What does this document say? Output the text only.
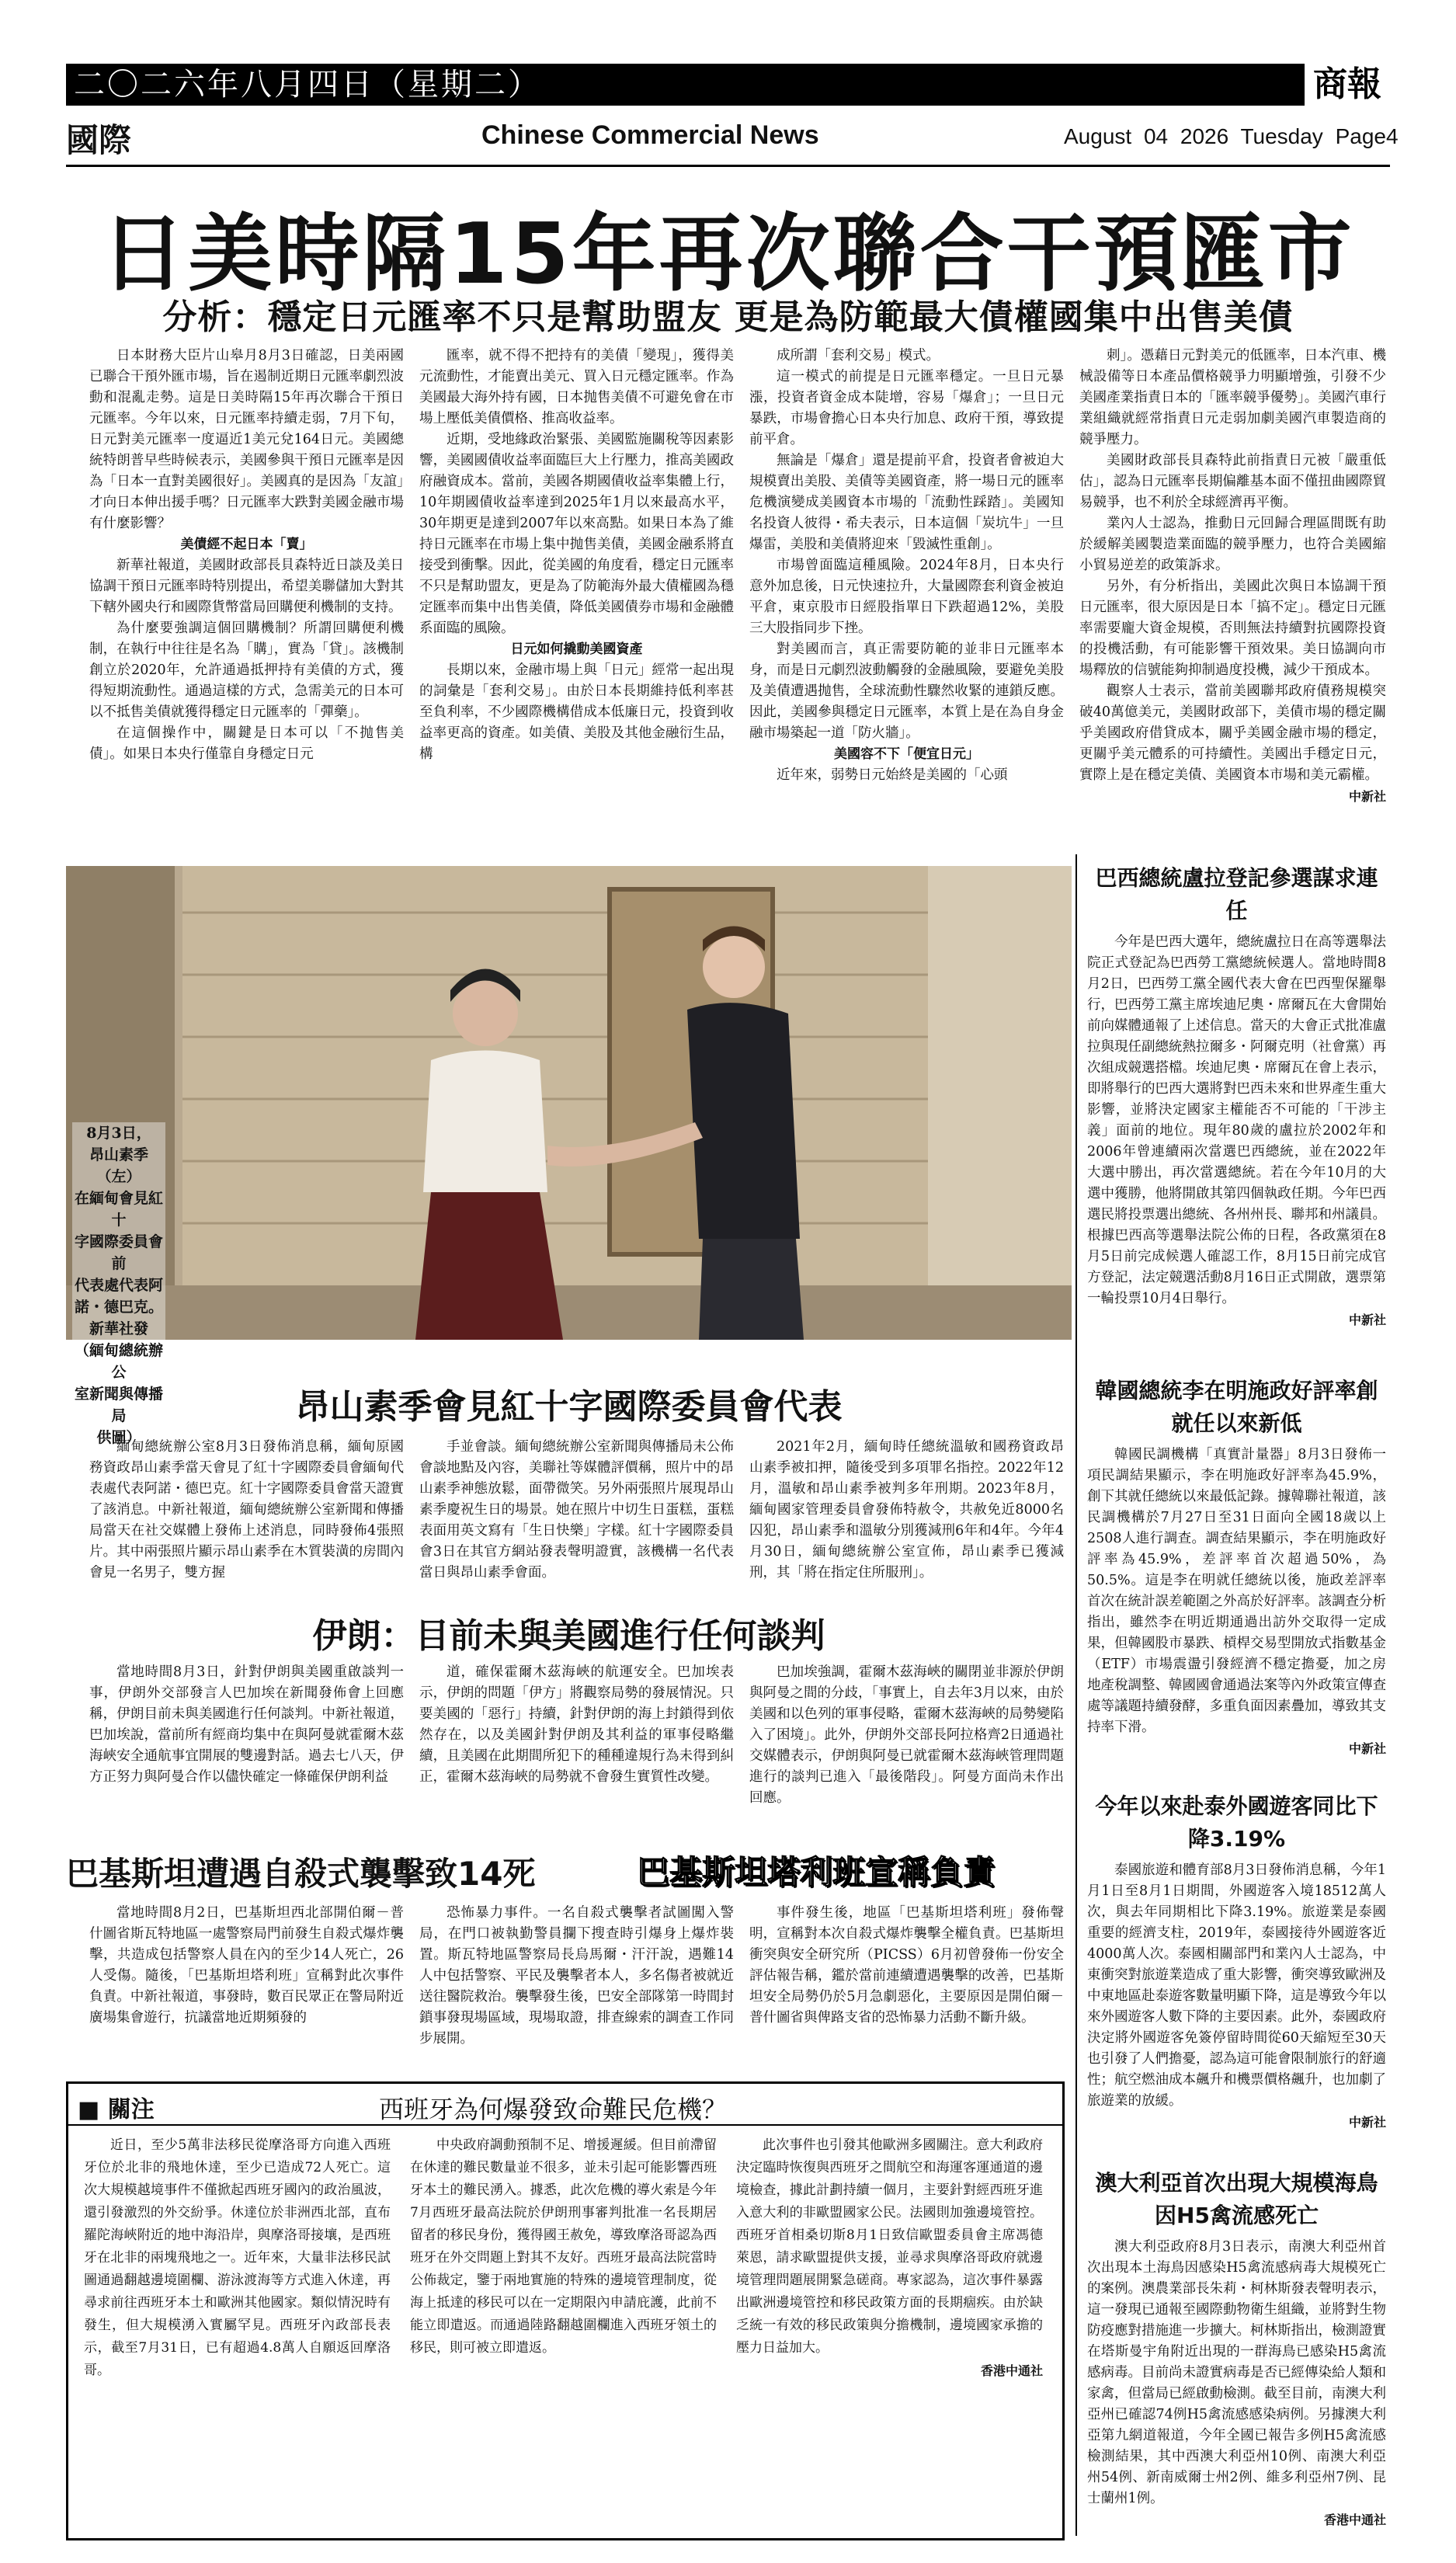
二〇二六年八月四日（星期二）	商報
國際	Chinese Commercial News	August 04 2026 Tuesday Page4
日美時隔15年再次聯合干預匯市
分析：穩定日元匯率不只是幫助盟友 更是為防範最大債權國集中出售美債

日本財務大臣片山皋月8月3日確認，日美兩國已聯合干預外匯市場，旨在遏制近期日元匯率劇烈波動和混亂走勢。這是日美時隔15年再次聯合干預日元匯率。今年以來，日元匯率持續走弱，7月下旬，日元對美元匯率一度逼近1美元兌164日元。美國總統特朗普早些時候表示，美國參與干預日元匯率是因為「日本一直對美國很好」。美國真的是因為「友誼」才向日本伸出援手嗎？日元匯率大跌對美國金融市場有什麼影響？

美債經不起日本「賣」

新華社報道，美國財政部長貝森特近日談及美日協調干預日元匯率時特別提出，希望美聯儲加大對其下轄外國央行和國際貨幣當局回購便利機制的支持。

為什麼要強調這個回購機制？所謂回購便利機制，在執行中往往是名為「購」，實為「貸」。該機制創立於2020年，允許通過抵押持有美債的方式，獲得短期流動性。通過這樣的方式，急需美元的日本可以不抵售美債就獲得穩定日元匯率的「彈藥」。

在這個操作中，關鍵是日本可以「不抛售美債」。如果日本央行僅靠自身穩定日元

匯率，就不得不把持有的美債「變現」，獲得美元流動性，才能賣出美元、買入日元穩定匯率。作為美國最大海外持有國，日本抛售美債不可避免會在市場上壓低美債價格、推高收益率。

近期，受地緣政治緊張、美國監施關稅等因素影響，美國國債收益率面臨巨大上行壓力，推高美國政府融資成本。當前，美國各期國債收益率集體上行，10年期國債收益率達到2025年1月以來最高水平，30年期更是達到2007年以來高點。如果日本為了維持日元匯率在市場上集中抛售美債，美國金融系將直接受到衝擊。因此，從美國的角度看，穩定日元匯率不只是幫助盟友，更是為了防範海外最大債權國為穩定匯率而集中出售美債，降低美國債券市場和金融體系面臨的風險。

日元如何撬動美國資產

長期以來，金融市場上與「日元」經常一起出現的詞彙是「套利交易」。由於日本長期維持低利率甚至負利率，不少國際機構借成本低廉日元，投資到收益率更高的資產。如美債、美股及其他金融衍生品，構

成所謂「套利交易」模式。

這一模式的前提是日元匯率穩定。一旦日元暴漲，投資者資金成本陡增，容易「爆倉」；一旦日元暴跌，市場會擔心日本央行加息、政府干預，導致提前平倉。

無論是「爆倉」還是提前平倉，投資者會被迫大規模賣出美股、美債等美國資產，將一場日元的匯率危機演變成美國資本市場的「流動性踩踏」。美國知名投資人彼得・希夫表示，日本這個「炭坑牛」一旦爆雷，美股和美債將迎來「毀滅性重創」。

市場曾面臨這種風險。2024年8月，日本央行意外加息後，日元快速拉升，大量國際套利資金被迫平倉，東京股市日經股指單日下跌超過12%，美股三大股指同步下挫。

對美國而言，真正需要防範的並非日元匯率本身，而是日元劇烈波動觸發的金融風險，要避免美股及美債遭遇抛售，全球流動性驟然收緊的連鎖反應。因此，美國參與穩定日元匯率，本質上是在為自身金融市場築起一道「防火牆」。

美國容不下「便宜日元」

近年來，弱勢日元始終是美國的「心頭

刺」。憑藉日元對美元的低匯率，日本汽車、機械設備等日本產品價格競爭力明顯增強，引發不少美國產業指責日本的「匯率競爭優勢」。美國汽車行業組織就經常指責日元走弱加劇美國汽車製造商的競爭壓力。

美國財政部長貝森特此前指責日元被「嚴重低估」，認為日元匯率長期偏離基本面不僅扭曲國際貿易競爭，也不利於全球經濟再平衡。

業內人士認為，推動日元回歸合理區間既有助於緩解美國製造業面臨的競爭壓力，也符合美國縮小貿易逆差的政策訴求。

另外，有分析指出，美國此次與日本協調干預日元匯率，很大原因是日本「搞不定」。穩定日元匯率需要龐大資金規模，否則無法持續對抗國際投資的投機活動，有可能影響干預效果。美日協調向市場釋放的信號能夠抑制過度投機，減少干預成本。

觀察人士表示，當前美國聯邦政府債務規模突破40萬億美元，美國財政部下，美債市場的穩定關乎美國政府借貸成本，關乎美國金融市場的穩定，更關乎美元體系的可持續性。美國出手穩定日元，實際上是在穩定美債、美國資本市場和美元霸權。

中新社

8月3日，
昂山素季（左）
在緬甸會見紅十
字國際委員會前
代表處代表阿
諾・德巴克。
新華社發
（緬甸總統辦公
室新聞與傳播局
供圖）
昂山素季會見紅十字國際委員會代表

緬甸總統辦公室8月3日發佈消息稱，緬甸原國務資政昂山素季當天會見了紅十字國際委員會緬甸代表處代表阿諾・德巴克。紅十字國際委員會當天證實了該消息。中新社報道，緬甸總統辦公室新聞和傳播局當天在社交媒體上發佈上述消息，同時發佈4張照片。其中兩張照片顯示昂山素季在木質裝潢的房間內會見一名男子，雙方握

手並會談。緬甸總統辦公室新聞與傳播局未公佈會談地點及內容，美聯社等媒體評價稱，照片中的昂山素季神態放鬆，面帶微笑。另外兩張照片展現昂山素季慶祝生日的場景。她在照片中切生日蛋糕，蛋糕表面用英文寫有「生日快樂」字樣。紅十字國際委員會3日在其官方網站發表聲明證實，該機構一名代表當日與昂山素季會面。

2021年2月，緬甸時任總統溫敏和國務資政昂山素季被扣押，隨後受到多項罪名指控。2022年12月，溫敏和昂山素季被判多年刑期。2023年8月，緬甸國家管理委員會發佈特赦令，共赦免近8000名囚犯，昂山素季和溫敏分別獲減刑6年和4年。今年4月30日，緬甸總統辦公室宣佈，昂山素季已獲減刑，其「將在指定住所服刑」。

伊朗：目前未與美國進行任何談判

當地時間8月3日，針對伊朗與美國重啟談判一事，伊朗外交部發言人巴加埃在新聞發佈會上回應稱，伊朗目前未與美國進行任何談判。中新社報道，巴加埃說，當前所有經商均集中在與阿曼就霍爾木茲海峽安全通航事宜開展的雙邊對話。過去七八天，伊方正努力與阿曼合作以儘快確定一條確保伊朗利益

道，確保霍爾木茲海峽的航運安全。巴加埃表示，伊朗的問題「伊方」將觀察局勢的發展情況。只要美國的「惡行」持續，針對伊朗的海上封鎖得到依然存在，以及美國針對伊朗及其利益的軍事侵略繼續，且美國在此期間所犯下的種種違規行為未得到糾正，霍爾木茲海峽的局勢就不會發生實質性改變。

巴加埃強調，霍爾木茲海峽的關閉並非源於伊朗與阿曼之間的分歧，「事實上，自去年3月以來，由於美國和以色列的軍事侵略，霍爾木茲海峽的局勢變陷入了困境」。此外，伊朗外交部長阿拉格齊2日通過社交媒體表示，伊朗與阿曼已就霍爾木茲海峽管理問題進行的談判已進入「最後階段」。阿曼方面尚未作出回應。

巴基斯坦遭遇自殺式襲擊致14死	巴基斯坦塔利班宣稱負責

當地時間8月2日，巴基斯坦西北部開伯爾－普什圖省斯瓦特地區一處警察局門前發生自殺式爆炸襲擊，共造成包括警察人員在內的至少14人死亡，26人受傷。隨後，「巴基斯坦塔利班」宣稱對此次事件負責。中新社報道，事發時，數百民眾正在警局附近廣場集會遊行，抗議當地近期頻發的

恐怖暴力事件。一名自殺式襲擊者試圖闖入警局，在門口被執勤警員攔下搜查時引爆身上爆炸裝置。斯瓦特地區警察局長烏馬爾・汗汗說，遇難14人中包括警察、平民及襲擊者本人，多名傷者被就近送往醫院救治。襲擊發生後，巴安全部隊第一時間封鎖事發現場區域，現場取證，排查線索的調查工作同步展開。

事件發生後，地區「巴基斯坦塔利班」發佈聲明，宣稱對本次自殺式爆炸襲擊全權負責。巴基斯坦衝突與安全研究所（PICSS）6月初曾發佈一份安全評估報告稱，鑑於當前連續遭遇襲擊的改善，巴基斯坦安全局勢仍於5月急劇惡化，主要原因是開伯爾－普什圖省與俾路支省的恐怖暴力活動不斷升級。

■ 關注	西班牙為何爆發致命難民危機？

近日，至少5萬非法移民從摩洛哥方向進入西班牙位於北非的飛地休達，至少已造成72人死亡。這次大規模越境事件不僅掀起西班牙國內的政治風波，還引發激烈的外交紛爭。休達位於非洲西北部，直布羅陀海峽附近的地中海沿岸，與摩洛哥接壤，是西班牙在北非的兩塊飛地之一。近年來，大量非法移民試圖通過翻越邊境圍欄、游泳渡海等方式進入休達，再尋求前往西班牙本土和歐洲其他國家。類似情況時有發生，但大規模湧入實屬罕見。西班牙內政部長表示，截至7月31日，已有超過4.8萬人自願返回摩洛哥。

中央政府調動預制不足、增援遲緩。但目前滯留在休達的難民數量並不很多，並未引起可能影響西班牙本土的難民湧入。據悉，此次危機的導火索是今年7月西班牙最高法院於伊朗刑事審判批准一名長期居留者的移民身份，獲得國王赦免，導致摩洛哥認為西班牙在外交問題上對其不友好。西班牙最高法院當時公佈裁定，鑒于兩地實施的特殊的邊境管理制度，從海上抵達的移民可以在一定期限內申請庇護，此前不能立即遣返。而通過陸路翻越圍欄進入西班牙領土的移民，則可被立即遣返。

此次事件也引發其他歐洲多國關注。意大利政府決定臨時恢復與西班牙之間航空和海運客運通道的邊境檢查，據此計劃持續一個月，主要針對經西班牙進入意大利的非歐盟國家公民。法國則加強邊境管控。西班牙首相桑切斯8月1日致信歐盟委員會主席馮德萊恩，請求歐盟提供支援，並尋求與摩洛哥政府就邊境管理問題展開緊急磋商。專家認為，這次事件暴露出歐洲邊境管控和移民政策方面的長期痼疾。由於缺乏統一有效的移民政策與分擔機制，邊境國家承擔的壓力日益加大。

香港中通社

巴西總統盧拉登記參選謀求連任

今年是巴西大選年，總統盧拉日在高等選舉法院正式登記為巴西勞工黨總統候選人。當地時間8月2日，巴西勞工黨全國代表大會在巴西聖保羅舉行，巴西勞工黨主席埃迪尼奧・席爾瓦在大會開始前向媒體通報了上述信息。當天的大會正式批准盧拉與現任副總統熱拉爾多・阿爾克明（社會黨）再次組成競選搭檔。埃迪尼奧・席爾瓦在會上表示，即將舉行的巴西大選將對巴西未來和世界產生重大影響，並將決定國家主權能否不可能的「干涉主義」面前的地位。現年80歲的盧拉於2002年和2006年曾連續兩次當選巴西總統，並在2022年大選中勝出，再次當選總統。若在今年10月的大選中獲勝，他將開啟其第四個執政任期。今年巴西選民將投票選出總統、各州州長、聯邦和州議員。根據巴西高等選舉法院公佈的日程，各政黨須在8月5日前完成候選人確認工作，8月15日前完成官方登記，法定競選活動8月16日正式開啟，選票第一輪投票10月4日舉行。

中新社

韓國總統李在明施政好評率創就任以來新低

韓國民調機構「真實計量器」8月3日發佈一項民調結果顯示，李在明施政好評率為45.9%，創下其就任總統以來最低記錄。據韓聯社報道，該民調機構於7月27日至31日面向全國18歲以上2508人進行調查。調查結果顯示，李在明施政好評率為45.9%，差評率首次超過50%，為50.5%。這是李在明就任總統以後，施政差評率首次在統計誤差範圍之外高於好評率。該調查分析指出，雖然李在明近期通過出訪外交取得一定成果，但韓國股市暴跌、槓桿交易型開放式指數基金（ETF）市場震盪引發經濟不穩定擔憂，加之房地產稅調整、韓國國會通過法案等內外政策宣傳查處等議題持續發酵，多重負面因素疊加，導致其支持率下滑。

中新社

今年以來赴泰外國遊客同比下降3.19%

泰國旅遊和體育部8月3日發佈消息稱，今年1月1日至8月1日期間，外國遊客入境18512萬人次，與去年同期相比下降3.19%。旅遊業是泰國重要的經濟支柱，2019年，泰國接待外國遊客近4000萬人次。泰國相關部門和業內人士認為，中東衝突對旅遊業造成了重大影響，衝突導致歐洲及中東地區赴泰遊客數量明顯下降，這是導致今年以來外國遊客人數下降的主要因素。此外，泰國政府決定將外國遊客免簽停留時間從60天縮短至30天也引發了人們擔憂，認為這可能會限制旅行的舒適性；航空燃油成本飆升和機票價格飆升，也加劇了旅遊業的放緩。

中新社

澳大利亞首次出現大規模海鳥因H5禽流感死亡

澳大利亞政府8月3日表示，南澳大利亞州首次出現本土海鳥因感染H5禽流感病毒大規模死亡的案例。澳農業部長朱莉・柯林斯發表聲明表示，這一發現已通報至國際動物衛生組織，並將對生物防疫應對措施進一步擴大。柯林斯指出，檢測證實在塔斯曼宇角附近出現的一群海鳥已感染H5禽流感病毒。目前尚未證實病毒是否已經傳染給人類和家禽，但當局已經啟動檢測。截至目前，南澳大利亞州已確認74例H5禽流感感染病例。另據澳大利亞第九網道報道，今年全國已報告多例H5禽流感檢測結果，其中西澳大利亞州10例、南澳大利亞州54例、新南威爾士州2例、維多利亞州7例、昆士蘭州1例。

香港中通社
